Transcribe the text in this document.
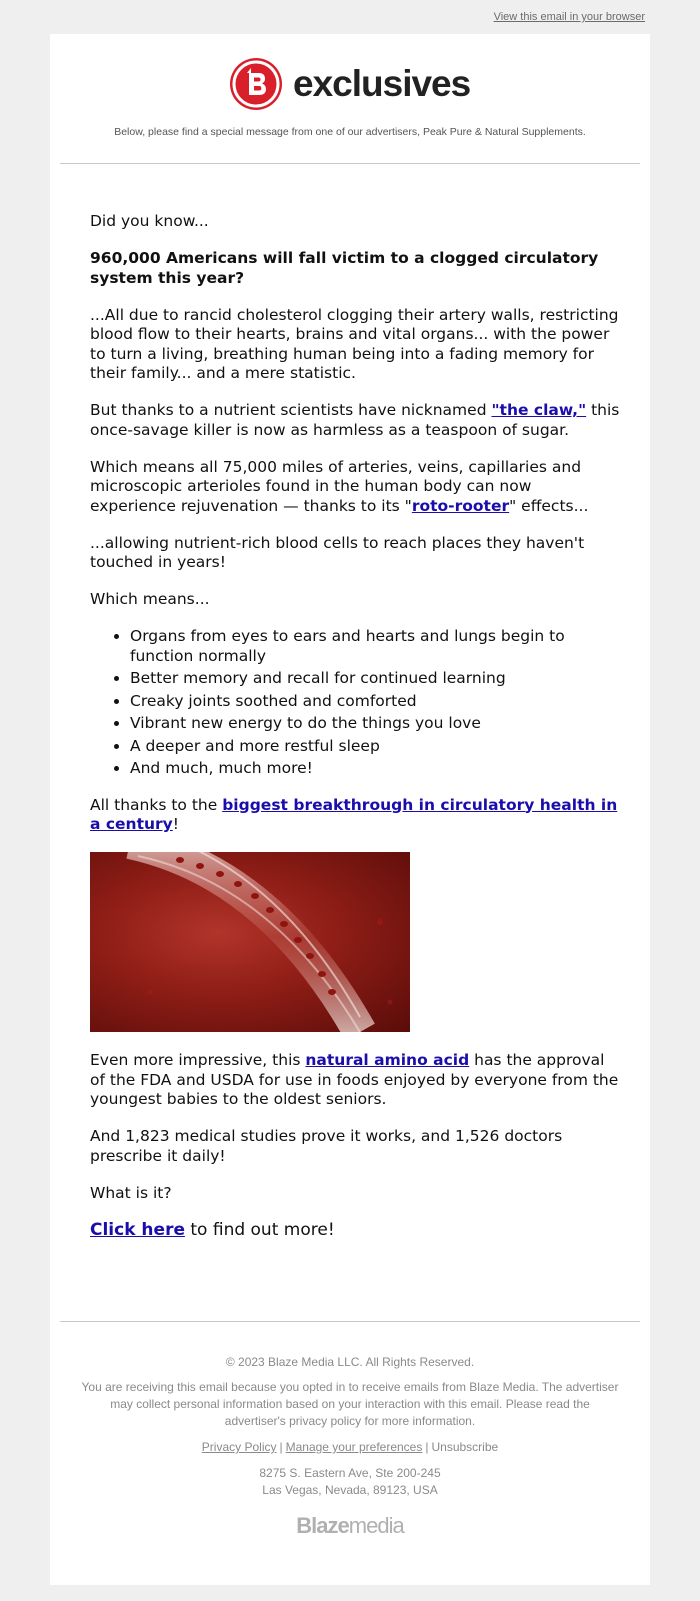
View this email in your browser
exclusives
Below, please find a special message from one of our advertisers, Peak Pure & Natural Supplements.

Did you know...

960,000 Americans will fall victim to a clogged circulatory system this year?

...All due to rancid cholesterol clogging their artery walls, restricting blood flow to their hearts, brains and vital organs... with the power to turn a living, breathing human being into a fading memory for their family... and a mere statistic.

But thanks to a nutrient scientists have nicknamed "the claw," this once-savage killer is now as harmless as a teaspoon of sugar.

Which means all 75,000 miles of arteries, veins, capillaries and microscopic arterioles found in the human body can now experience rejuvenation — thanks to its "roto-rooter" effects...

...allowing nutrient-rich blood cells to reach places they haven't touched in years!

Which means...

• Organs from eyes to ears and hearts and lungs begin to function normally
• Better memory and recall for continued learning
• Creaky joints soothed and comforted
• Vibrant new energy to do the things you love
• A deeper and more restful sleep
• And much, much more!

All thanks to the biggest breakthrough in circulatory health in a century!

Even more impressive, this natural amino acid has the approval of the FDA and USDA for use in foods enjoyed by everyone from the youngest babies to the oldest seniors.

And 1,823 medical studies prove it works, and 1,526 doctors prescribe it daily!

What is it?

Click here to find out more!

© 2023 Blaze Media LLC. All Rights Reserved.
You are receiving this email because you opted in to receive emails from Blaze Media. The advertiser may collect personal information based on your interaction with this email. Please read the advertiser's privacy policy for more information.
Privacy Policy | Manage your preferences | Unsubscribe
8275 S. Eastern Ave, Ste 200-245
Las Vegas, Nevada, 89123, USA
Blazemedia
